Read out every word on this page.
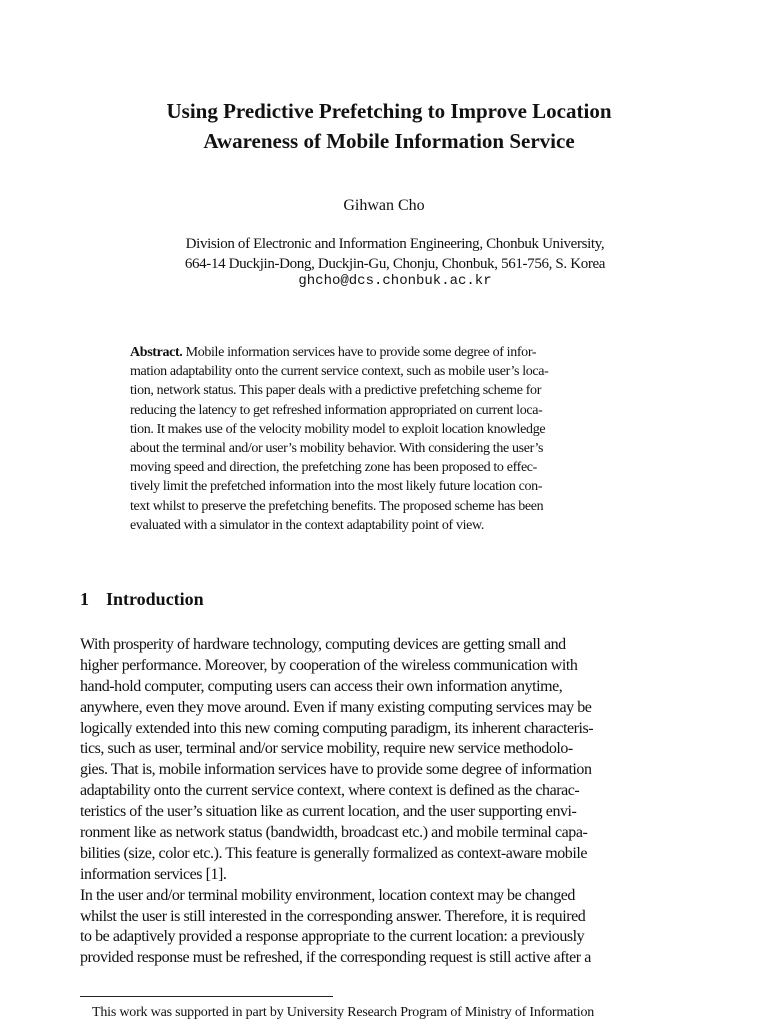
Using Predictive Prefetching to Improve Location
Awareness of Mobile Information Service
Gihwan Cho
Division of Electronic and Information Engineering, Chonbuk University,
664-14 Duckjin-Dong, Duckjin-Gu, Chonju, Chonbuk, 561-756, S. Korea
ghcho@dcs.chonbuk.ac.kr
Abstract. Mobile information services have to provide some degree of infor-
mation adaptability onto the current service context, such as mobile user’s loca-
tion, network status. This paper deals with a predictive prefetching scheme for
reducing the latency to get refreshed information appropriated on current loca-
tion. It makes use of the velocity mobility model to exploit location knowledge
about the terminal and/or user’s mobility behavior. With considering the user’s
moving speed and direction, the prefetching zone has been proposed to effec-
tively limit the prefetched information into the most likely future location con-
text whilst to preserve the prefetching benefits. The proposed scheme has been
evaluated with a simulator in the context adaptability point of view.
1 Introduction
With prosperity of hardware technology, computing devices are getting small and
higher performance. Moreover, by cooperation of the wireless communication with
hand-hold computer, computing users can access their own information anytime,
anywhere, even they move around. Even if many existing computing services may be
logically extended into this new coming computing paradigm, its inherent characteris-
tics, such as user, terminal and/or service mobility, require new service methodolo-
gies. That is, mobile information services have to provide some degree of information
adaptability onto the current service context, where context is defined as the charac-
teristics of the user’s situation like as current location, and the user supporting envi-
ronment like as network status (bandwidth, broadcast etc.) and mobile terminal capa-
bilities (size, color etc.). This feature is generally formalized as context-aware mobile
information services [1].
In the user and/or terminal mobility environment, location context may be changed
whilst the user is still interested in the corresponding answer. Therefore, it is required
to be adaptively provided a response appropriate to the current location: a previously
provided response must be refreshed, if the corresponding request is still active after a
This work was supported in part by University Research Program of Ministry of Information
